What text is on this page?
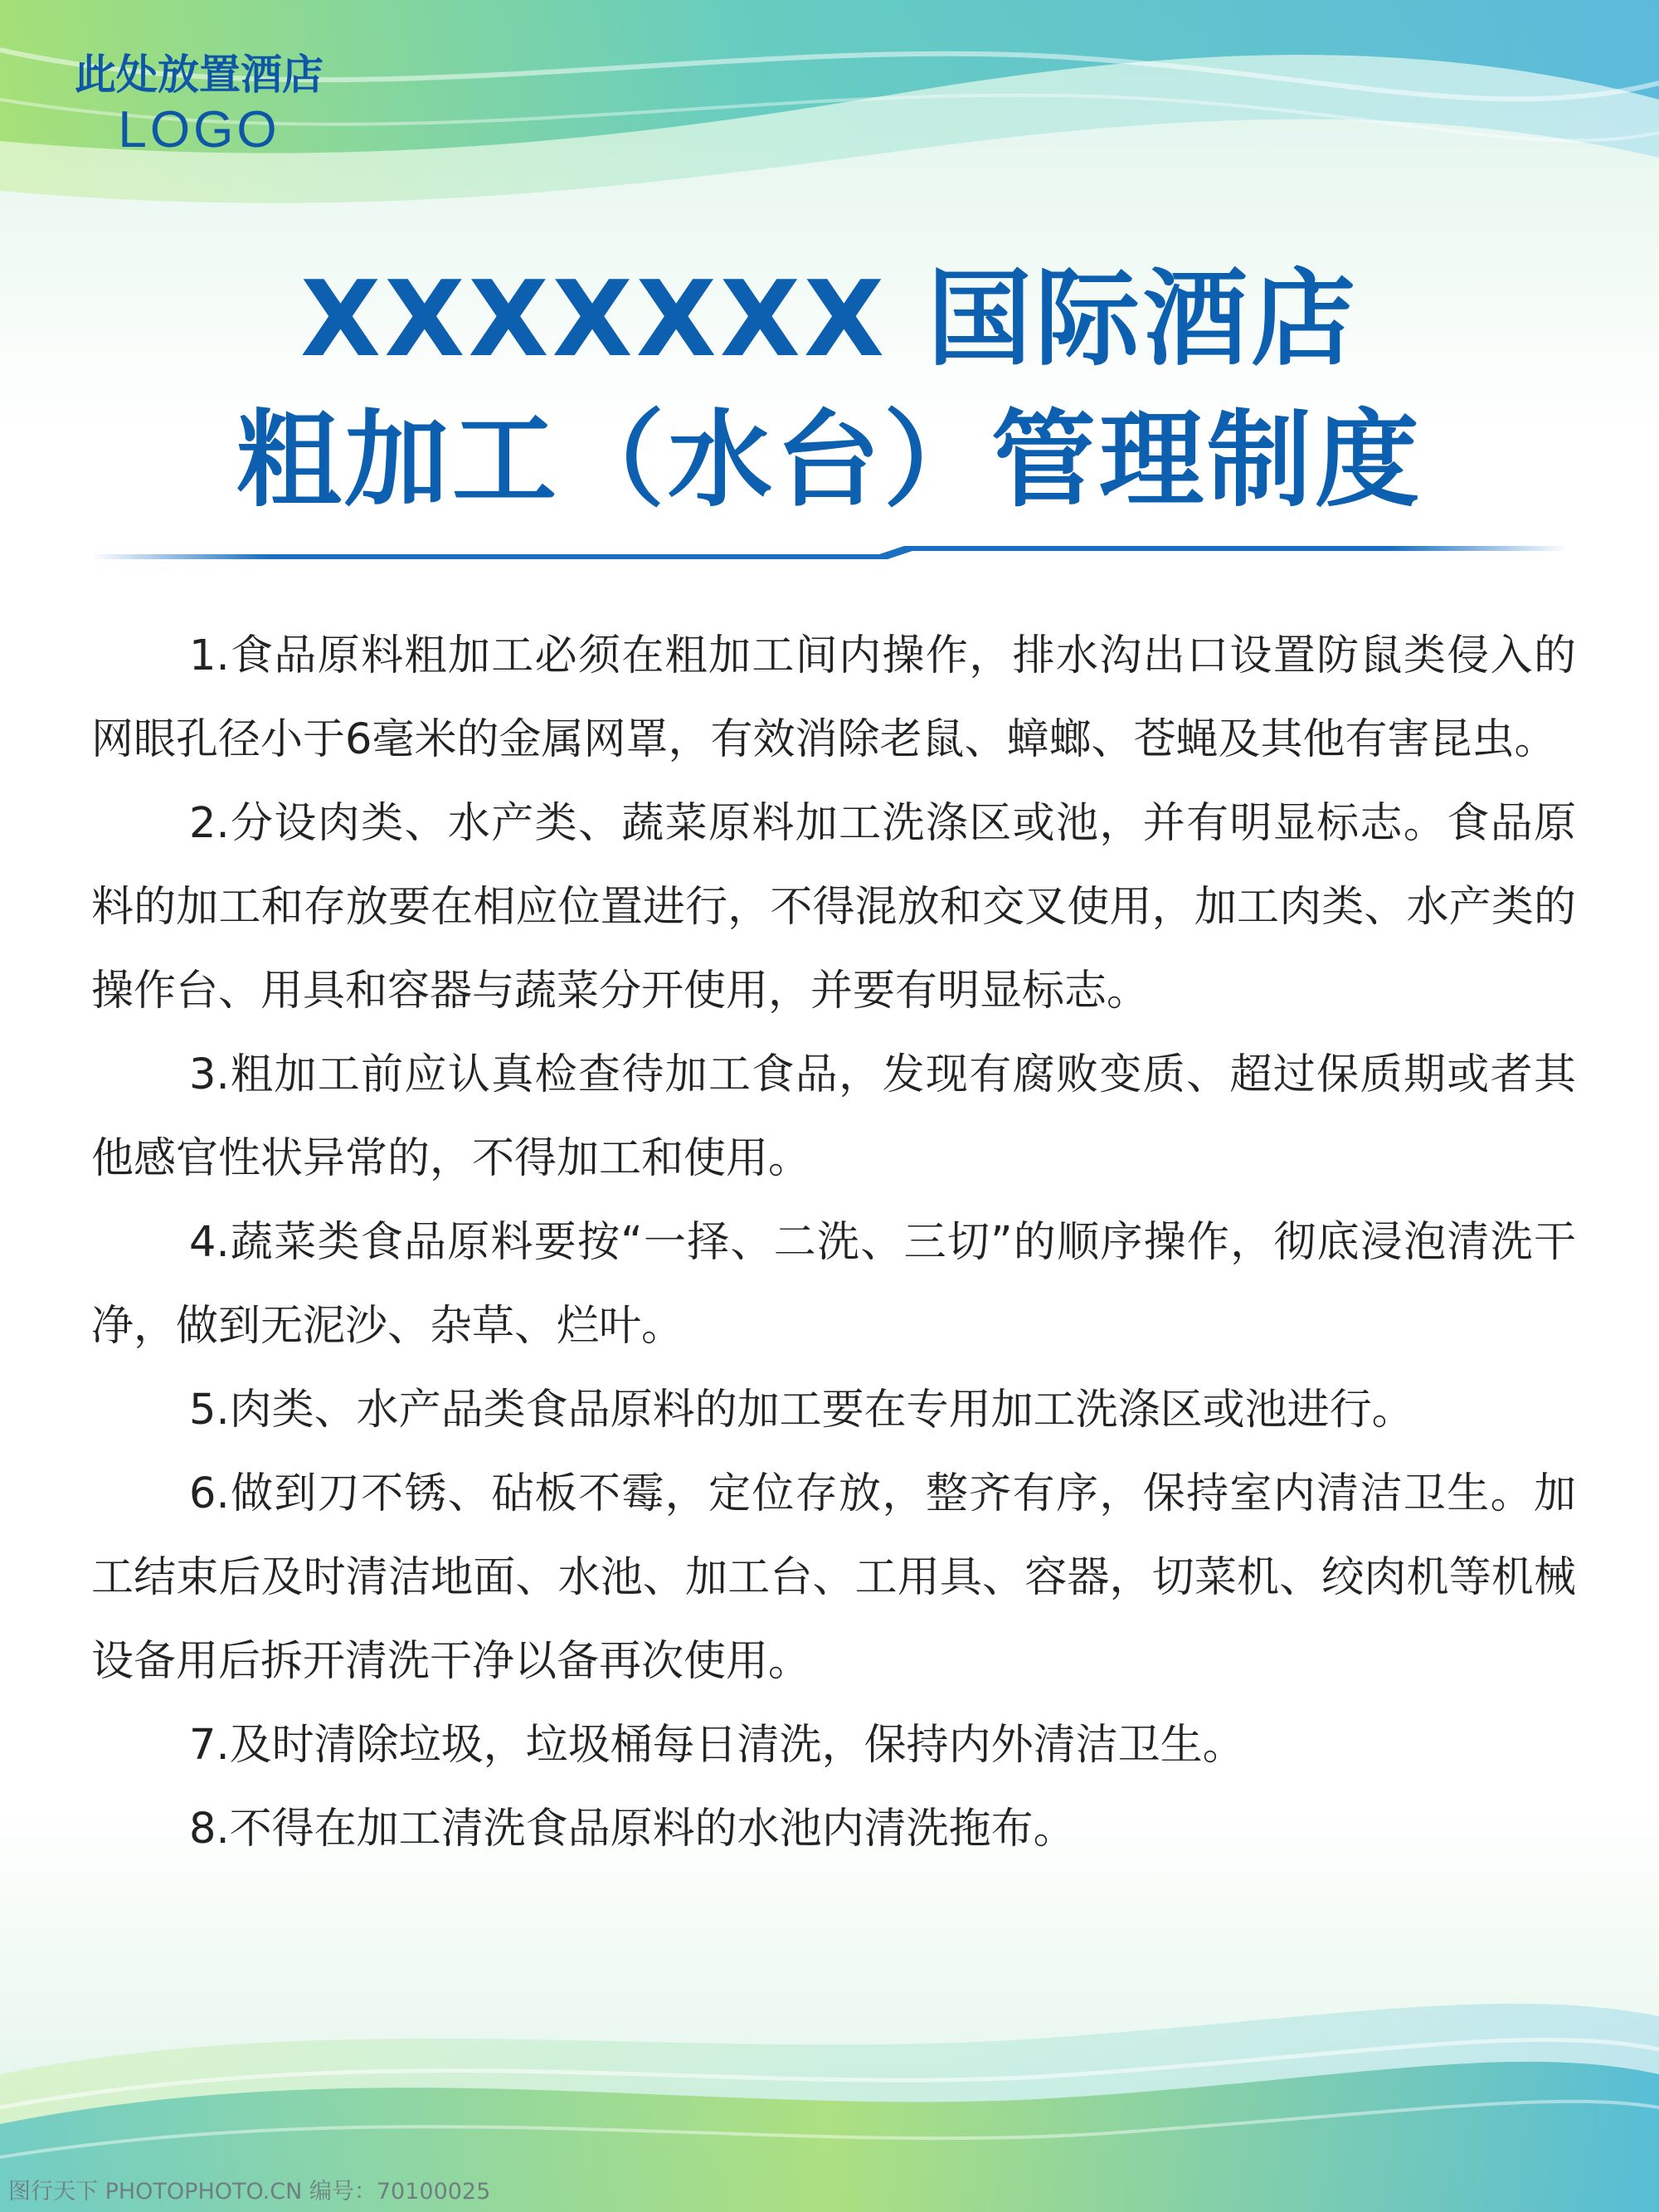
此处放置酒店
LOGO
XXXXXXX 国际酒店
粗加工（水台）管理制度

1.食品原料粗加工必须在粗加工间内操作，排水沟出口设置防鼠类侵入的网眼孔径小于6毫米的金属网罩，有效消除老鼠、蟑螂、苍蝇及其他有害昆虫。

2.分设肉类、水产类、蔬菜原料加工洗涤区或池，并有明显标志。食品原料的加工和存放要在相应位置进行，不得混放和交叉使用，加工肉类、水产类的操作台、用具和容器与蔬菜分开使用，并要有明显标志。

3.粗加工前应认真检查待加工食品，发现有腐败变质、超过保质期或者其他感官性状异常的，不得加工和使用。

4.蔬菜类食品原料要按“一择、二洗、三切”的顺序操作，彻底浸泡清洗干净，做到无泥沙、杂草、烂叶。

5.肉类、水产品类食品原料的加工要在专用加工洗涤区或池进行。

6.做到刀不锈、砧板不霉，定位存放，整齐有序，保持室内清洁卫生。加工结束后及时清洁地面、水池、加工台、工用具、容器，切菜机、绞肉机等机械设备用后拆开清洗干净以备再次使用。

7.及时清除垃圾，垃圾桶每日清洗，保持内外清洁卫生。

8.不得在加工清洗食品原料的水池内清洗拖布。

图行天下 PHOTOPHOTO.CN 编号：70100025
